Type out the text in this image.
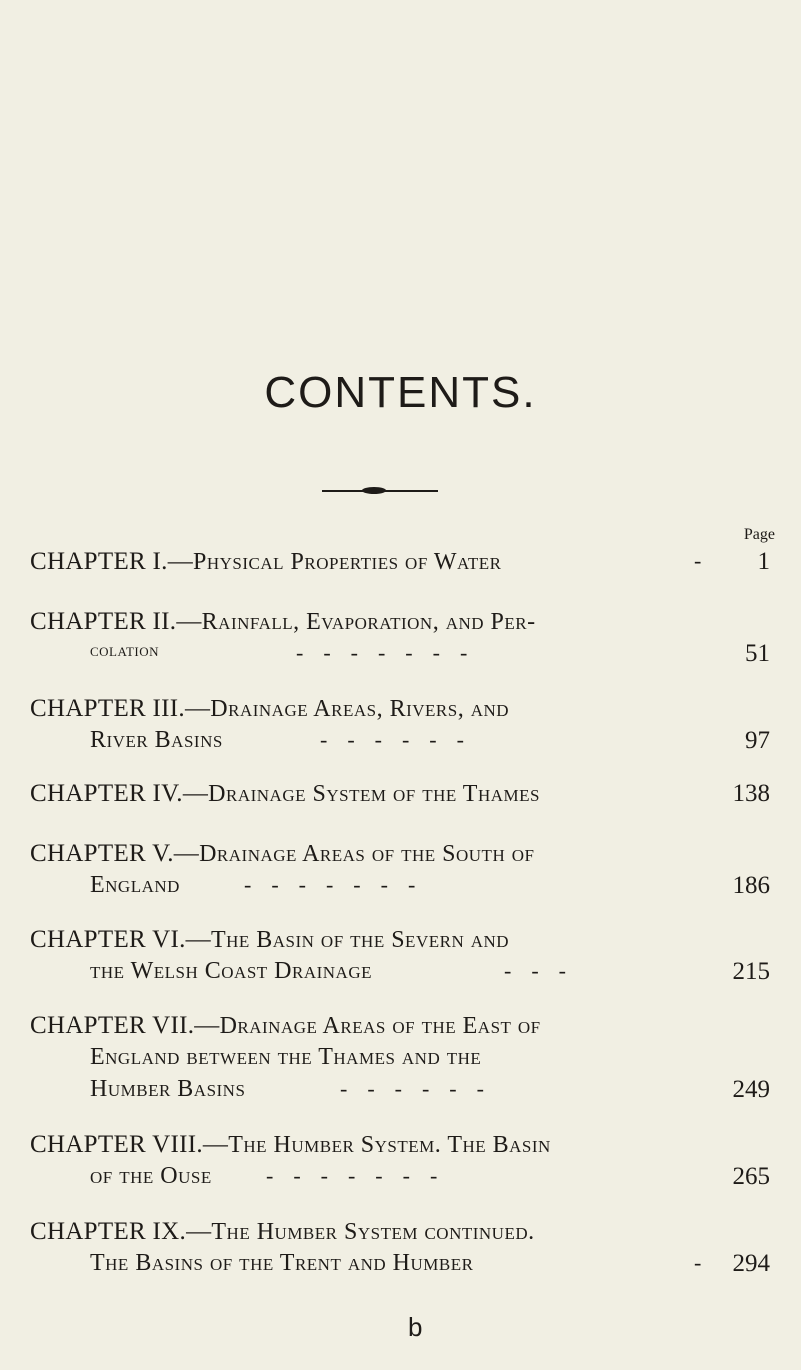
CONTENTS.
Page
CHAPTER I.—Physical Properties of Water	- 1
CHAPTER II.—Rainfall, Evaporation, and Per-
colation	-------	51
CHAPTER III.—Drainage Areas, Rivers, and
River Basins	------	97
CHAPTER IV.—Drainage System of the Thames	138
CHAPTER V.—Drainage Areas of the South of
England	-------	186
CHAPTER VI.—The Basin of the Severn and
the Welsh Coast Drainage	---	215
CHAPTER VII.—Drainage Areas of the East of
England between the Thames and the
Humber Basins	------	249
CHAPTER VIII.—The Humber System. The Basin
of the Ouse -------	265
CHAPTER IX.—The Humber System continued.
The Basins of the Trent and Humber	- 294
b
